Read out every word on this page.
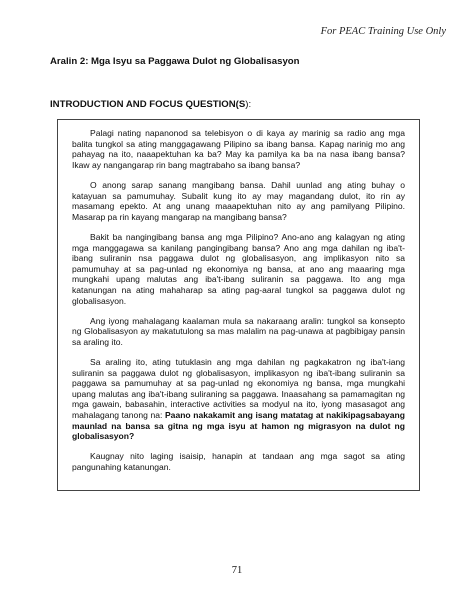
For PEAC Training Use Only
Aralin 2: Mga Isyu sa Paggawa Dulot ng Globalisasyon
INTRODUCTION AND FOCUS QUESTION(S):

Palagi nating napanonod sa telebisyon o di kaya ay marinig sa radio ang mga balita tungkol sa ating manggagawang Pilipino sa ibang bansa. Kapag narinig mo ang pahayag na ito, naaapektuhan ka ba? May ka pamilya ka ba na nasa ibang bansa? Ikaw ay nangangarap rin bang magtrabaho sa ibang bansa?

O anong sarap sanang mangibang bansa. Dahil uunlad ang ating buhay o katayuan sa pamumuhay. Subalit kung ito ay may magandang dulot, ito rin ay masamang epekto. At ang unang maaapektuhan nito ay ang pamilyang Pilipino. Masarap pa rin kayang mangarap na mangibang bansa?

Bakit ba nangingibang bansa ang mga Pilipino? Ano-ano ang kalagyan ng ating mga manggagawa sa kanilang pangingibang bansa? Ano ang mga dahilan ng iba't-ibang suliranin nsa paggawa dulot ng globalisasyon, ang implikasyon nito sa pamumuhay at sa pag-unlad ng ekonomiya ng bansa, at ano ang maaaring mga mungkahi upang malutas ang iba't-ibang suliranin sa paggawa. Ito ang mga katanungan na ating mahaharap sa ating pag-aaral tungkol sa paggawa dulot ng globalisasyon.

Ang iyong mahalagang kaalaman mula sa nakaraang aralin: tungkol sa konsepto ng Globalisasyon ay makatutulong sa mas malalim na pag-unawa at pagbibigay pansin sa araling ito.

Sa araling ito, ating tutuklasin ang mga dahilan ng pagkakatron ng iba't-iang suliranin sa paggawa dulot ng globalisasyon, implikasyon ng iba't-ibang suliranin sa paggawa sa pamumuhay at sa pag-unlad ng ekonomiya ng bansa, mga mungkahi upang malutas ang iba't-ibang suliraning sa paggawa. Inaasahang sa pamamagitan ng mga gawain, babasahin, interactive activities sa modyul na ito, iyong masasagot ang mahalagang tanong na: Paano nakakamit ang isang matatag at nakikipagsabayang maunlad na bansa sa gitna ng mga isyu at hamon ng migrasyon na dulot ng globalisasyon?

Kaugnay nito laging isaisip, hanapin at tandaan ang mga sagot sa ating pangunahing katanungan.

71
